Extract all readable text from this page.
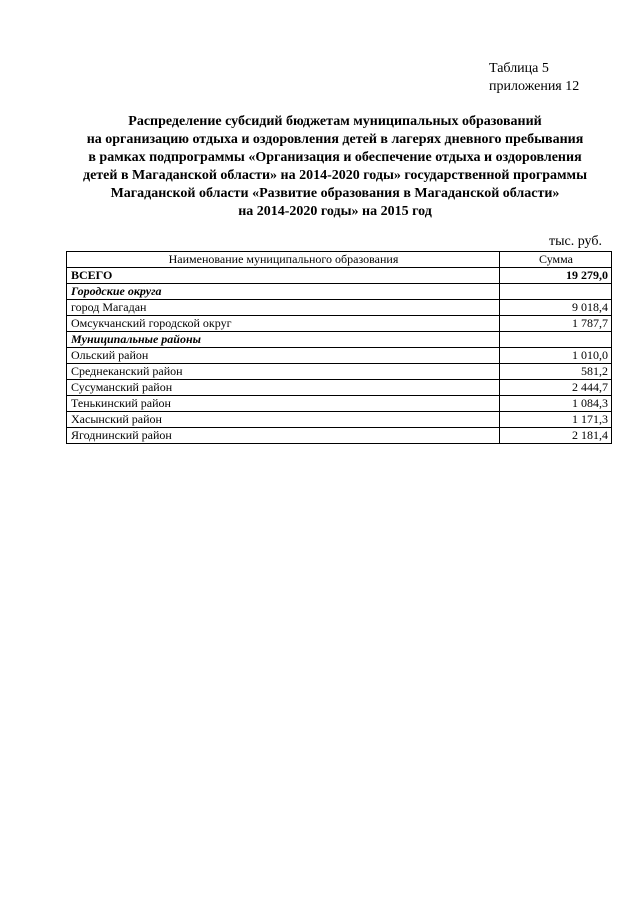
Таблица 5
приложения 12
Распределение субсидий бюджетам муниципальных образований
на организацию отдыха и оздоровления детей в лагерях дневного пребывания
в рамках подпрограммы «Организация и обеспечение отдыха и оздоровления
детей в Магаданской области» на 2014-2020 годы» государственной программы
Магаданской области «Развитие образования в Магаданской области»
на 2014-2020 годы» на 2015 год
тыс. руб.
Наименование муниципального образования	Сумма
ВСЕГО	19 279,0
Городские округа	
город Магадан	9 018,4
Омсукчанский городской округ	1 787,7
Муниципальные районы	
Ольский район	1 010,0
Среднеканский район	581,2
Сусуманский район	2 444,7
Тенькинский район	1 084,3
Хасынский район	1 171,3
Ягоднинский район	2 181,4
